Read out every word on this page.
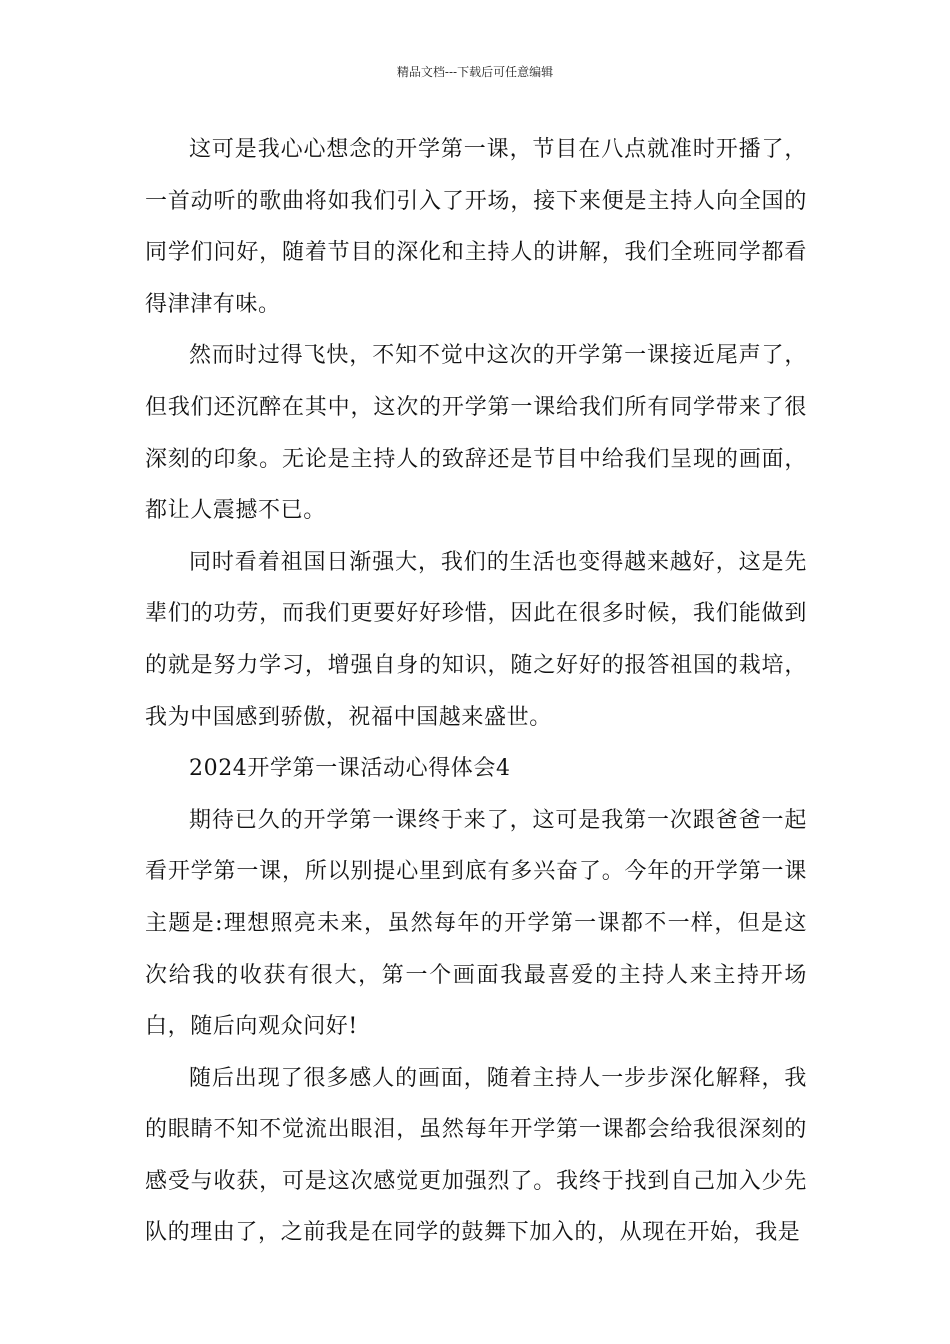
精品文档---下载后可任意编辑

这可是我心心想念的开学第一课，节目在八点就准时开播了，一首动听的歌曲将如我们引入了开场，接下来便是主持人向全国的同学们问好，随着节目的深化和主持人的讲解，我们全班同学都看得津津有味。

然而时过得飞快，不知不觉中这次的开学第一课接近尾声了，但我们还沉醉在其中，这次的开学第一课给我们所有同学带来了很深刻的印象。无论是主持人的致辞还是节目中给我们呈现的画面，都让人震撼不已。

同时看着祖国日渐强大，我们的生活也变得越来越好，这是先辈们的功劳，而我们更要好好珍惜，因此在很多时候，我们能做到的就是努力学习，增强自身的知识，随之好好的报答祖国的栽培，我为中国感到骄傲，祝福中国越来盛世。

2024开学第一课活动心得体会4

期待已久的开学第一课终于来了，这可是我第一次跟爸爸一起看开学第一课，所以别提心里到底有多兴奋了。今年的开学第一课主题是:理想照亮未来，虽然每年的开学第一课都不一样，但是这次给我的收获有很大，第一个画面我最喜爱的主持人来主持开场白，随后向观众问好!

随后出现了很多感人的画面，随着主持人一步步深化解释，我的眼睛不知不觉流出眼泪，虽然每年开学第一课都会给我很深刻的感受与收获，可是这次感觉更加强烈了。我终于找到自己加入少先队的理由了，之前我是在同学的鼓舞下加入的，从现在开始，我是
